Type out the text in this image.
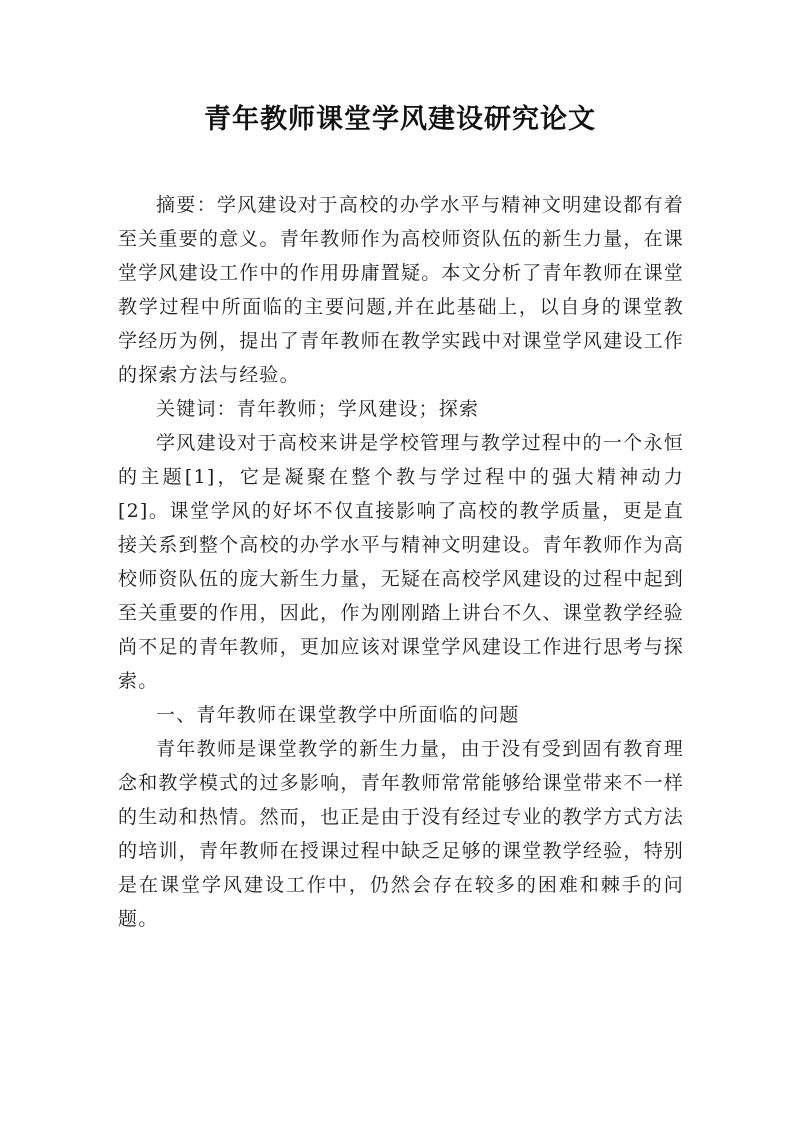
青年教师课堂学风建设研究论文

摘要：学风建设对于高校的办学水平与精神文明建设都有着至关重要的意义。青年教师作为高校师资队伍的新生力量，在课堂学风建设工作中的作用毋庸置疑。本文分析了青年教师在课堂教学过程中所面临的主要问题,并在此基础上，以自身的课堂教学经历为例，提出了青年教师在教学实践中对课堂学风建设工作的探索方法与经验。

关键词：青年教师；学风建设；探索

学风建设对于高校来讲是学校管理与教学过程中的一个永恒的主题[1]，它是凝聚在整个教与学过程中的强大精神动力[2]。课堂学风的好坏不仅直接影响了高校的教学质量，更是直接关系到整个高校的办学水平与精神文明建设。青年教师作为高校师资队伍的庞大新生力量，无疑在高校学风建设的过程中起到至关重要的作用，因此，作为刚刚踏上讲台不久、课堂教学经验尚不足的青年教师，更加应该对课堂学风建设工作进行思考与探索。

一、青年教师在课堂教学中所面临的问题

青年教师是课堂教学的新生力量，由于没有受到固有教育理念和教学模式的过多影响，青年教师常常能够给课堂带来不一样的生动和热情。然而，也正是由于没有经过专业的教学方式方法的培训，青年教师在授课过程中缺乏足够的课堂教学经验，特别是在课堂学风建设工作中，仍然会存在较多的困难和棘手的问题。
